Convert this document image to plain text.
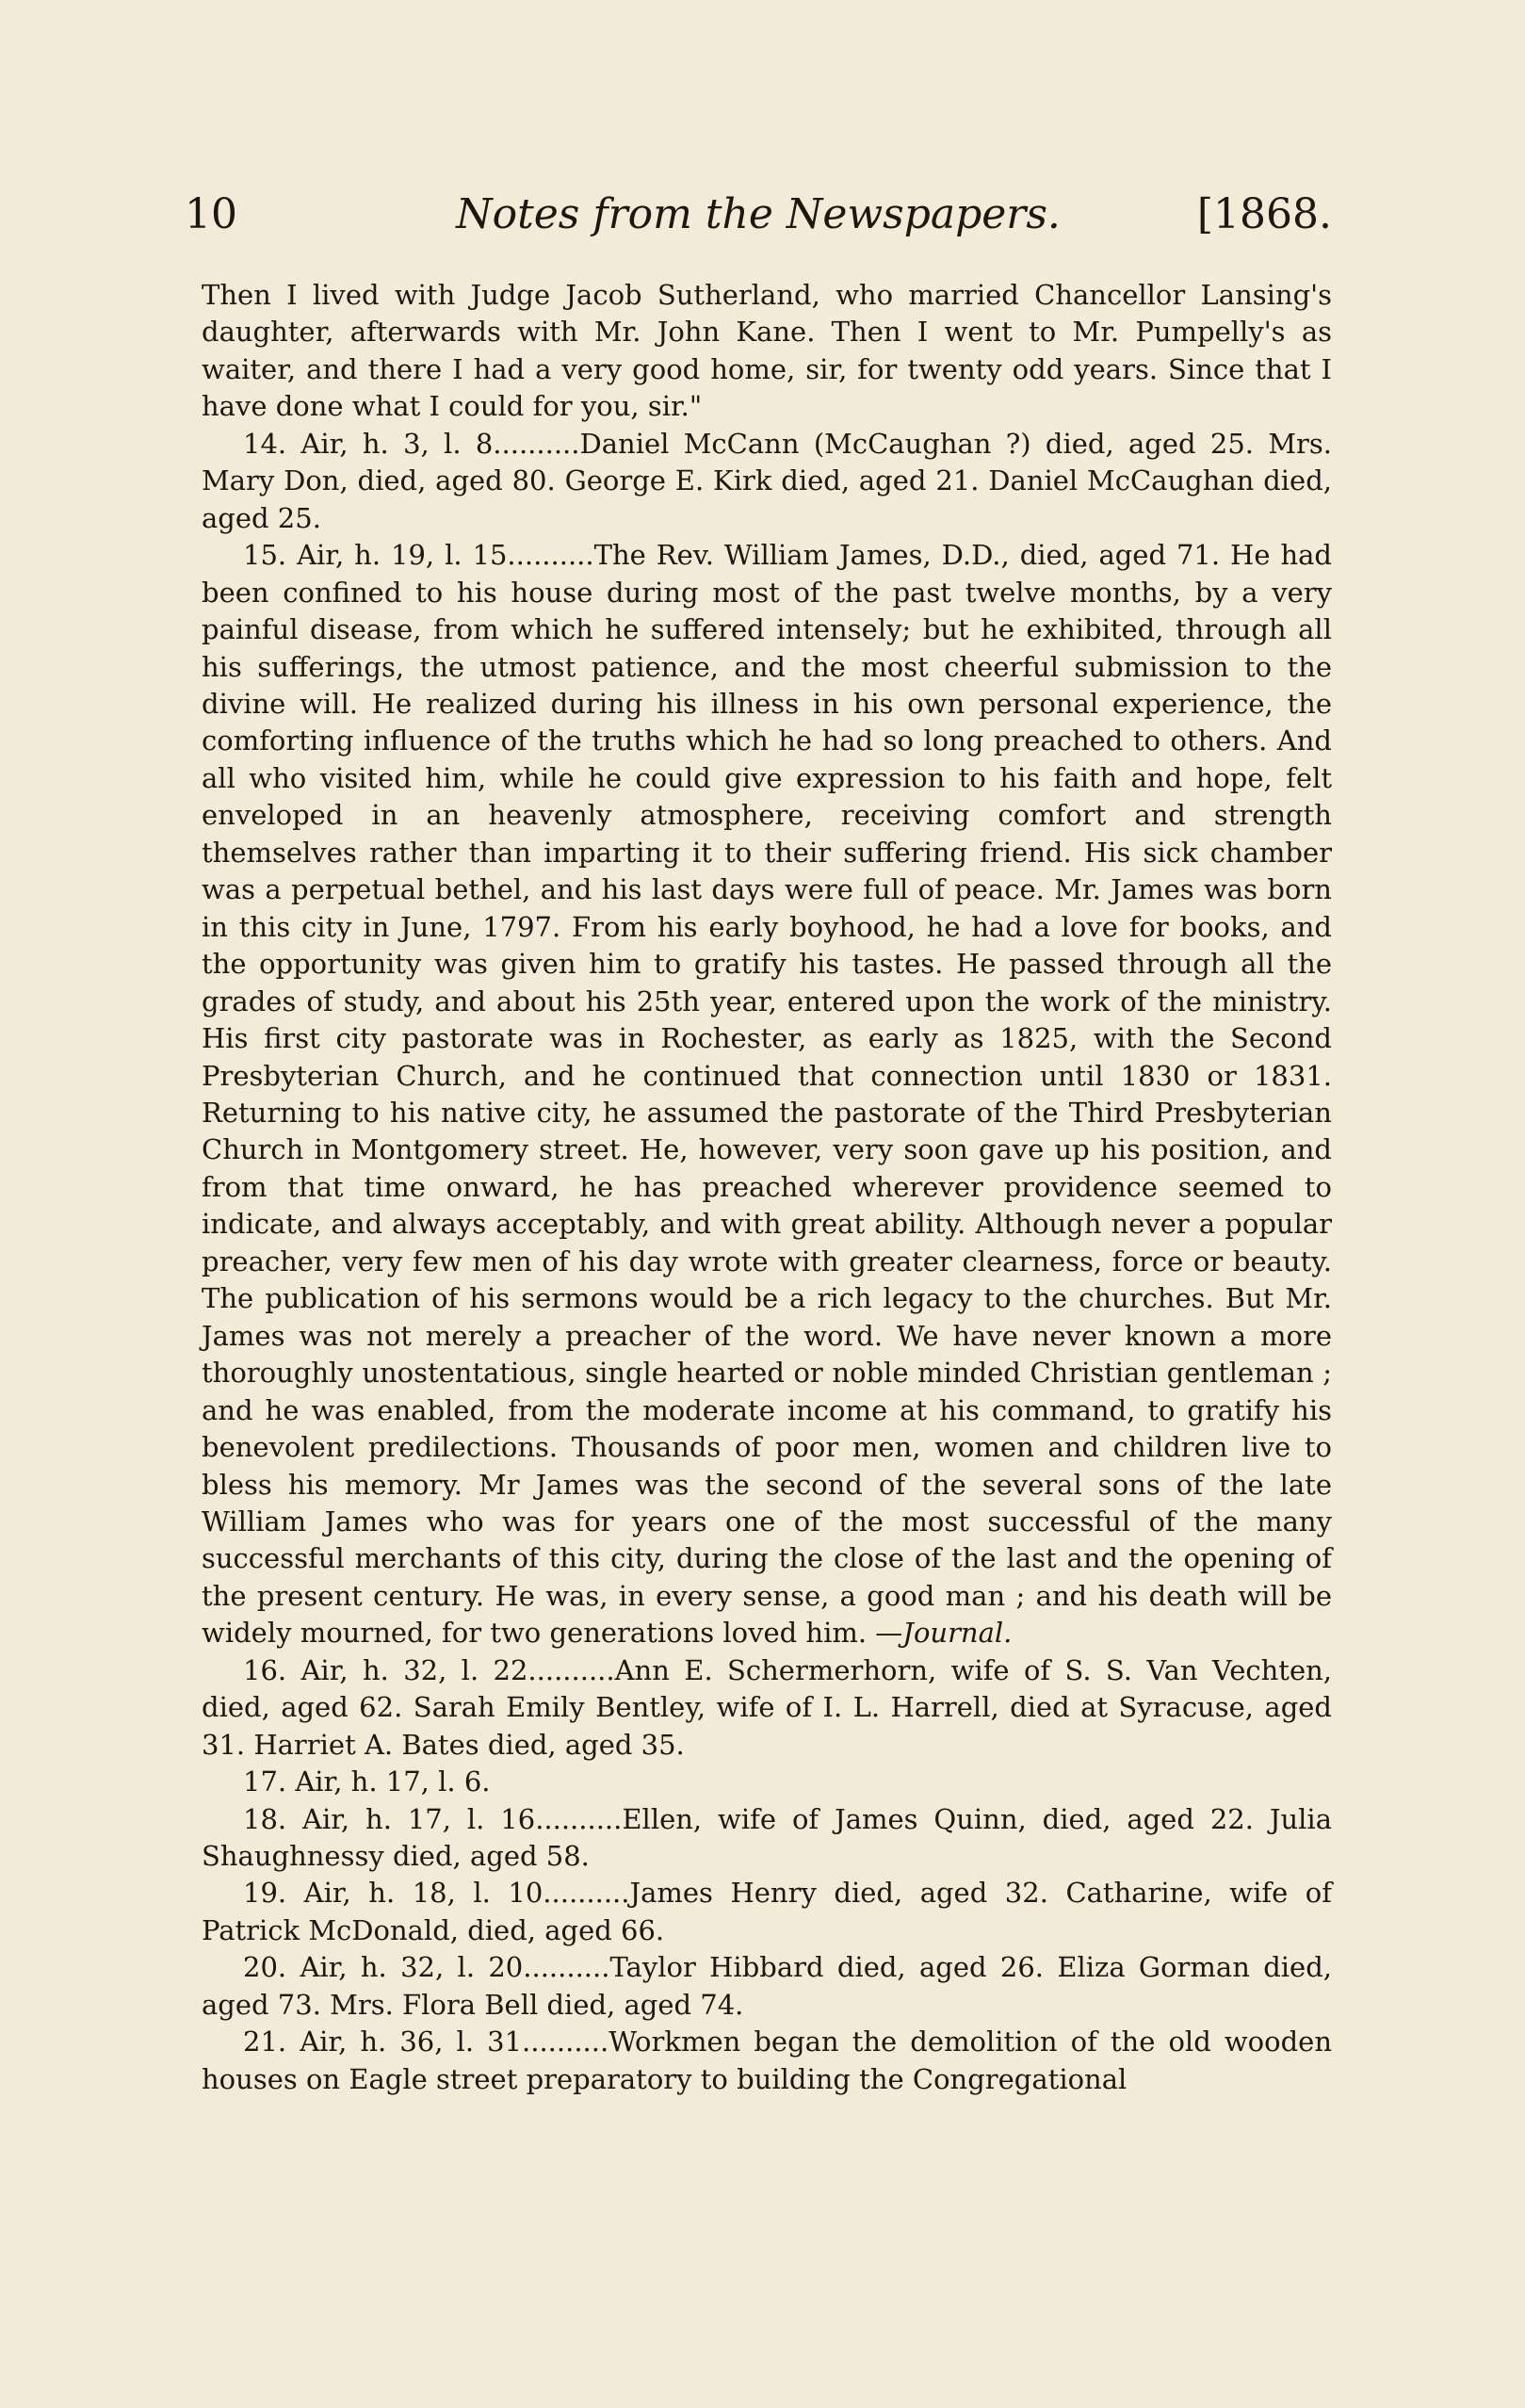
10	Notes from the Newspapers.	[1868.

Then I lived with Judge Jacob Sutherland, who married Chancellor Lansing's daughter, afterwards with Mr. John Kane. Then I went to Mr. Pumpelly's as waiter, and there I had a very good home, sir, for twenty odd years. Since that I have done what I could for you, sir."

14. Air, h. 3, l. 8..........Daniel McCann (McCaughan ?) died, aged 25. Mrs. Mary Don, died, aged 80. George E. Kirk died, aged 21. Daniel McCaughan died, aged 25.

15. Air, h. 19, l. 15..........The Rev. William James, D.D., died, aged 71. He had been confined to his house during most of the past twelve months, by a very painful disease, from which he suffered intensely; but he exhibited, through all his sufferings, the utmost patience, and the most cheerful submission to the divine will. He realized during his illness in his own personal experience, the comforting influence of the truths which he had so long preached to others. And all who visited him, while he could give expression to his faith and hope, felt enveloped in an heavenly atmosphere, receiving comfort and strength themselves rather than imparting it to their suffering friend. His sick chamber was a perpetual bethel, and his last days were full of peace. Mr. James was born in this city in June, 1797. From his early boyhood, he had a love for books, and the opportunity was given him to gratify his tastes. He passed through all the grades of study, and about his 25th year, entered upon the work of the ministry. His first city pastorate was in Rochester, as early as 1825, with the Second Presbyterian Church, and he continued that connection until 1830 or 1831. Returning to his native city, he assumed the pastorate of the Third Presbyterian Church in Montgomery street. He, however, very soon gave up his position, and from that time onward, he has preached wherever providence seemed to indicate, and always acceptably, and with great ability. Although never a popular preacher, very few men of his day wrote with greater clearness, force or beauty. The publication of his sermons would be a rich legacy to the churches. But Mr. James was not merely a preacher of the word. We have never known a more thoroughly unostentatious, single hearted or noble minded Christian gentleman ; and he was enabled, from the moderate income at his command, to gratify his benevolent predilections. Thousands of poor men, women and children live to bless his memory. Mr James was the second of the several sons of the late William James who was for years one of the most successful of the many successful merchants of this city, during the close of the last and the opening of the present century. He was, in every sense, a good man ; and his death will be widely mourned, for two generations loved him. —Journal.

16. Air, h. 32, l. 22..........Ann E. Schermerhorn, wife of S. S. Van Vechten, died, aged 62. Sarah Emily Bentley, wife of I. L. Harrell, died at Syracuse, aged 31. Harriet A. Bates died, aged 35.

17. Air, h. 17, l. 6.

18. Air, h. 17, l. 16..........Ellen, wife of James Quinn, died, aged 22. Julia Shaughnessy died, aged 58.

19. Air, h. 18, l. 10..........James Henry died, aged 32. Catharine, wife of Patrick McDonald, died, aged 66.

20. Air, h. 32, l. 20..........Taylor Hibbard died, aged 26. Eliza Gorman died, aged 73. Mrs. Flora Bell died, aged 74.

21. Air, h. 36, l. 31..........Workmen began the demolition of the old wooden houses on Eagle street preparatory to building the Congregational
